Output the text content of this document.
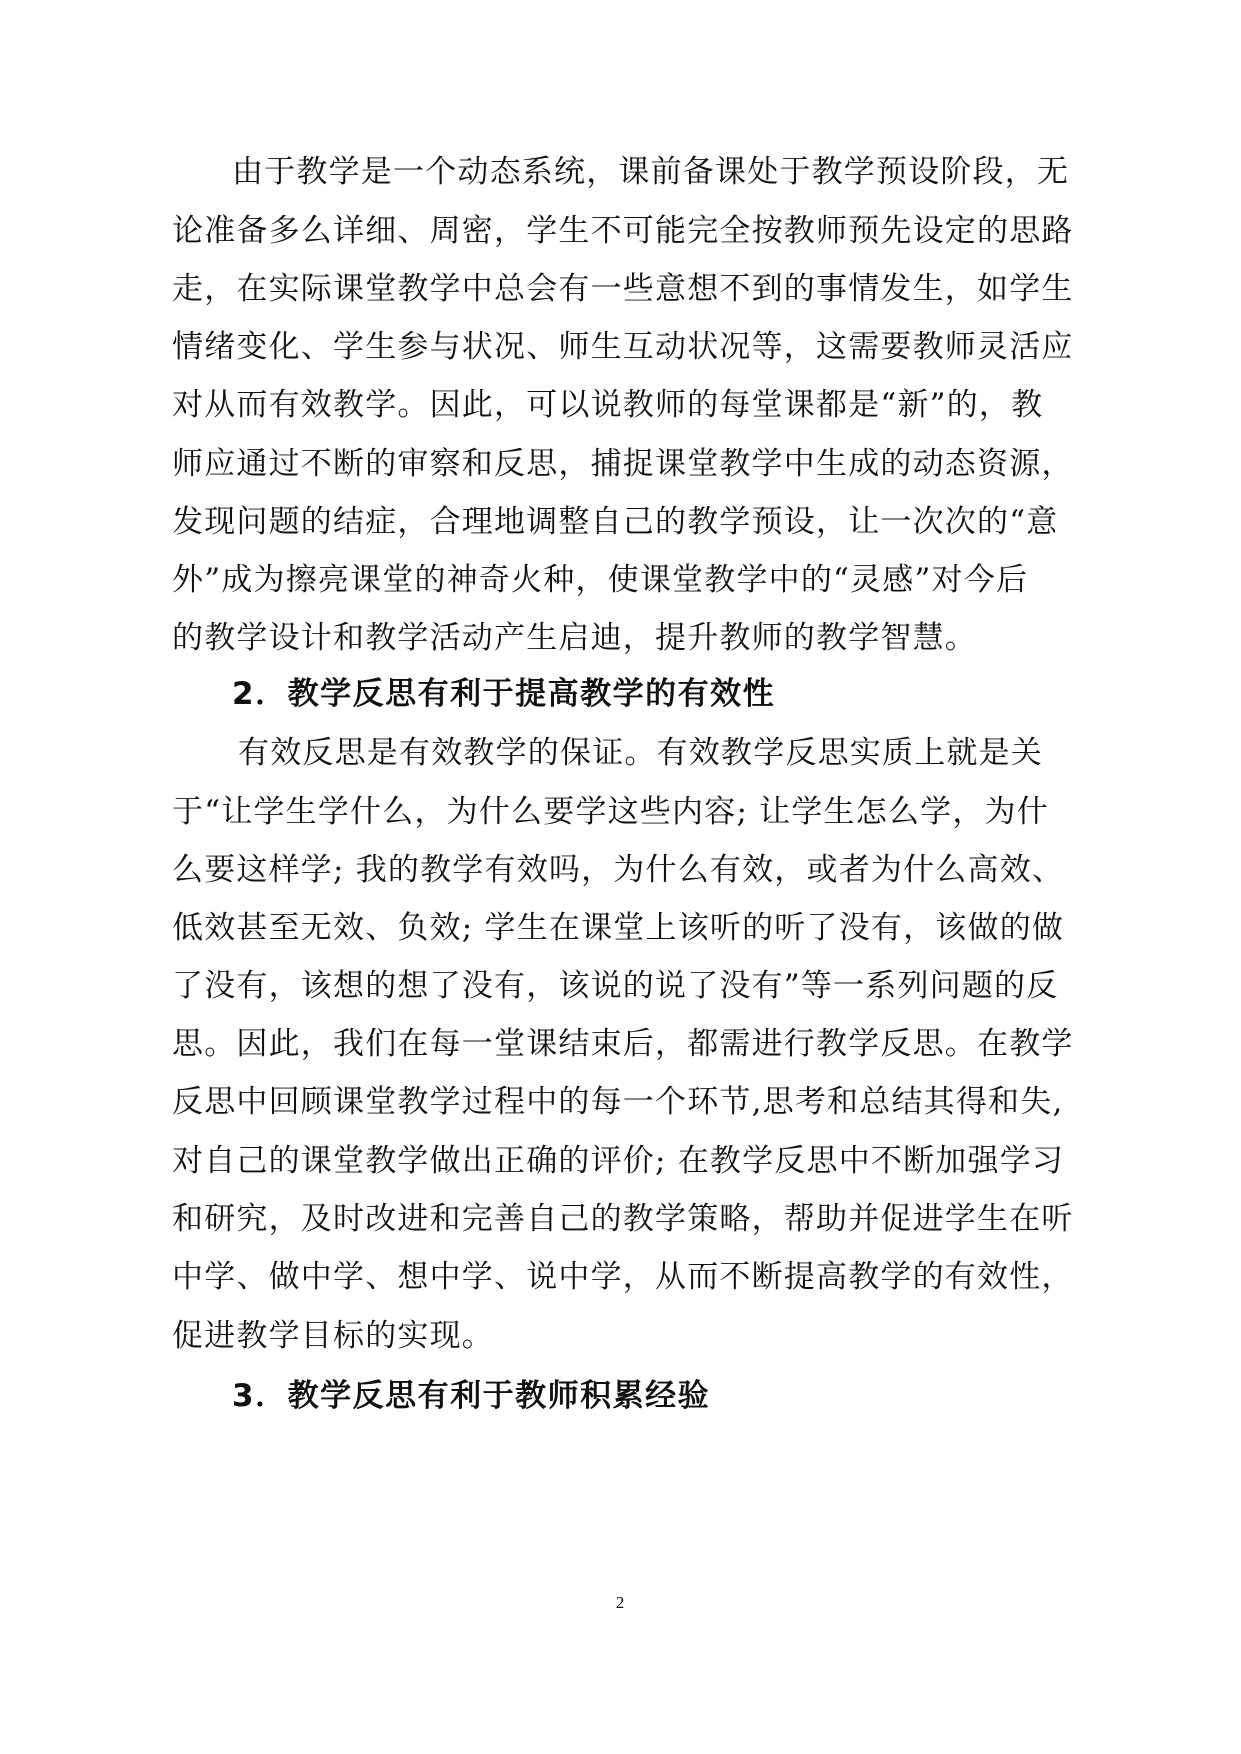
由于教学是一个动态系统，课前备课处于教学预设阶段，无
论准备多么详细、周密，学生不可能完全按教师预先设定的思路
走，在实际课堂教学中总会有一些意想不到的事情发生，如学生
情绪变化、学生参与状况、师生互动状况等，这需要教师灵活应
对从而有效教学。因此，可以说教师的每堂课都是“新”的，教
师应通过不断的审察和反思，捕捉课堂教学中生成的动态资源，
发现问题的结症，合理地调整自己的教学预设，让一次次的“意
外”成为擦亮课堂的神奇火种，使课堂教学中的“灵感”对今后
的教学设计和教学活动产生启迪，提升教师的教学智慧。
2．教学反思有利于提高教学的有效性
有效反思是有效教学的保证。有效教学反思实质上就是关
于“让学生学什么，为什么要学这些内容; 让学生怎么学，为什
么要这样学; 我的教学有效吗，为什么有效，或者为什么高效、
低效甚至无效、负效; 学生在课堂上该听的听了没有，该做的做
了没有，该想的想了没有，该说的说了没有”等一系列问题的反
思。因此，我们在每一堂课结束后，都需进行教学反思。在教学
反思中回顾课堂教学过程中的每一个环节,思考和总结其得和失,
对自己的课堂教学做出正确的评价; 在教学反思中不断加强学习
和研究，及时改进和完善自己的教学策略，帮助并促进学生在听
中学、做中学、想中学、说中学，从而不断提高教学的有效性，
促进教学目标的实现。
3．教学反思有利于教师积累经验
2
